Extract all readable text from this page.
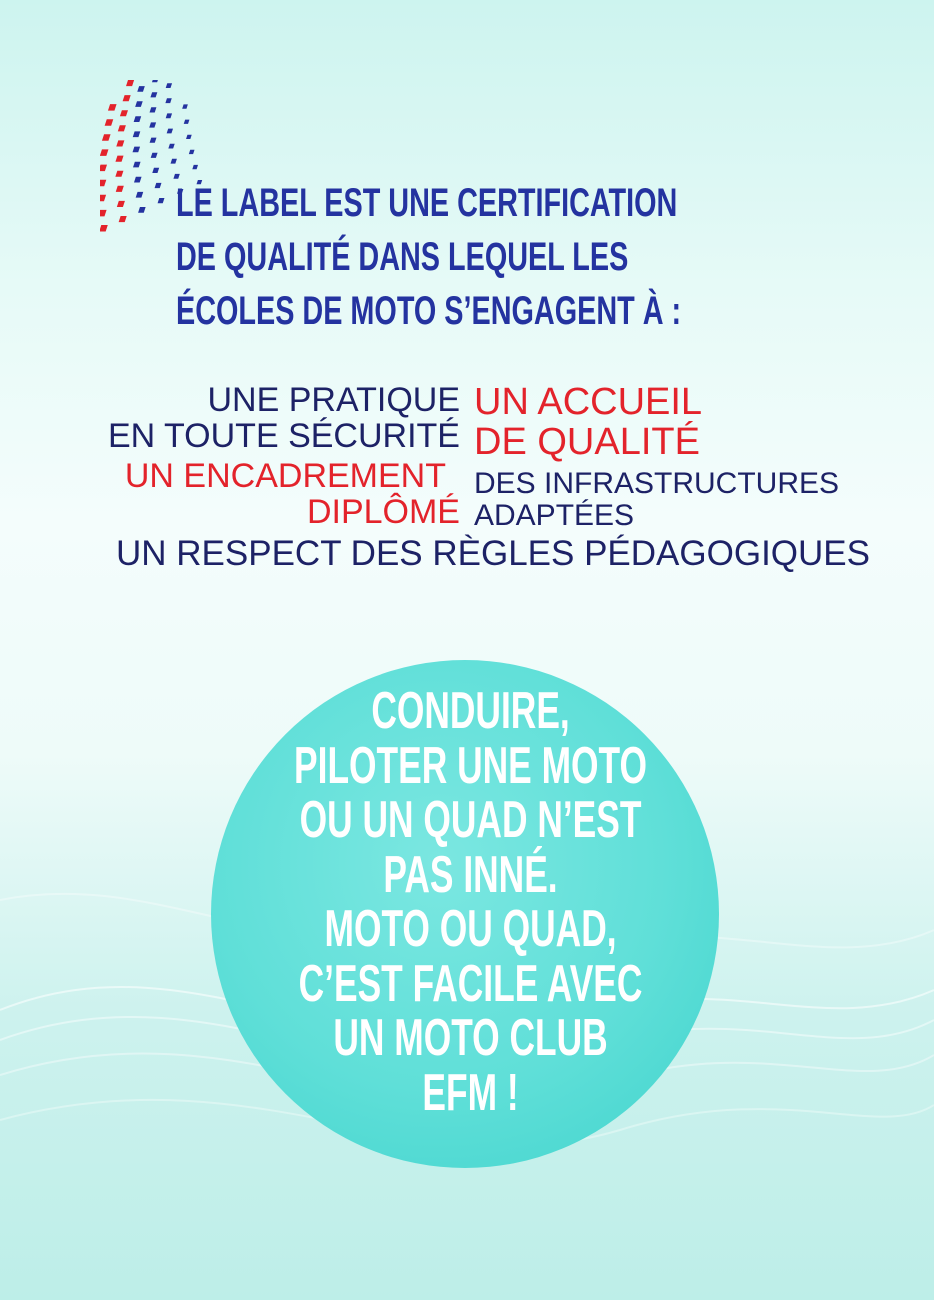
LE LABEL EST UNE CERTIFICATION
DE QUALITÉ DANS LEQUEL LES
ÉCOLES DE MOTO S’ENGAGENT À :
UNE PRATIQUE
EN TOUTE SÉCURITÉ
UN ENCADREMENT
DIPLÔMÉ
UN ACCUEIL
DE QUALITÉ
DES INFRASTRUCTURES
ADAPTÉES
UN RESPECT DES RÈGLES PÉDAGOGIQUES
CONDUIRE,
PILOTER UNE MOTO
OU UN QUAD N’EST
PAS INNÉ.
MOTO OU QUAD,
C’EST FACILE AVEC
UN MOTO CLUB
EFM !
